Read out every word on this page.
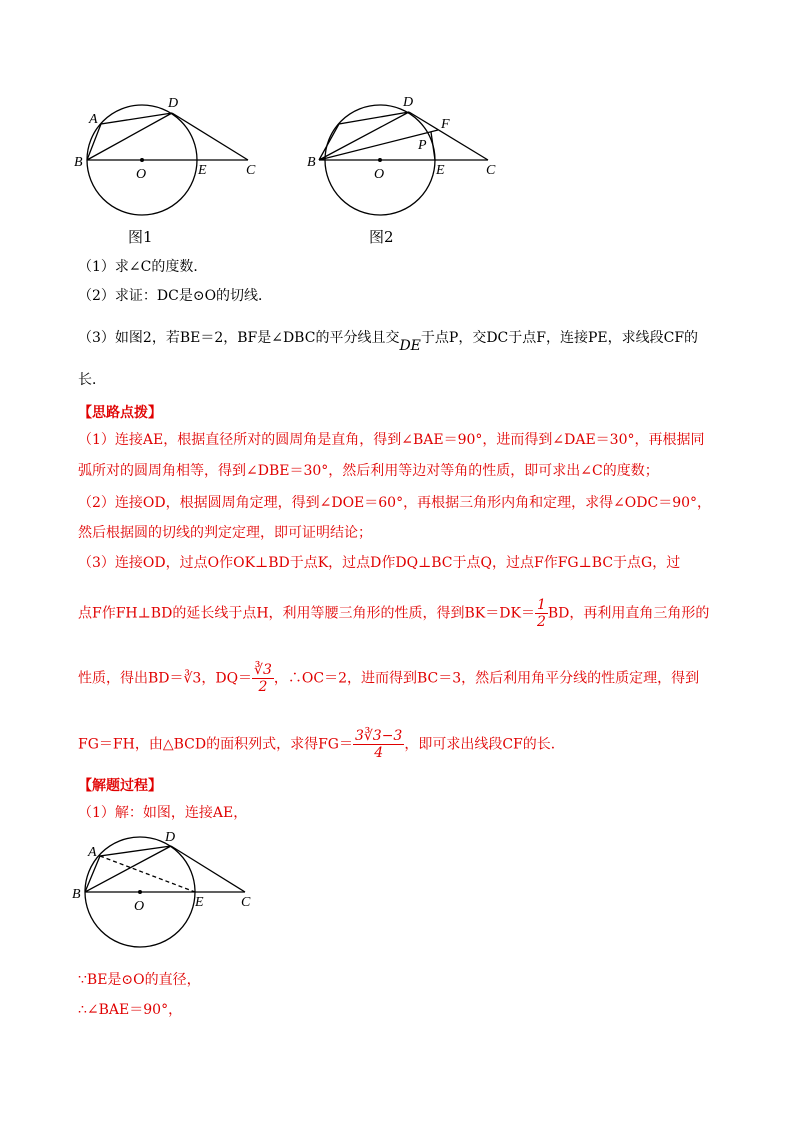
A
D
B
O	E	C
图1
D
F
P
B
O	E	C
图2
（1）求∠C的度数．
（2）求证：DC是⊙O的切线．
（3）如图2，若BE＝2，BF是∠DBC的平分线且交DE于点P，交DC于点F，连接PE，求线段CF的
长．
【思路点拨】
（1）连接AE，根据直径所对的圆周角是直角，得到∠BAE＝90°，进而得到∠DAE＝30°，再根据同
弧所对的圆周角相等，得到∠DBE＝30°，然后利用等边对等角的性质，即可求出∠C的度数；
（2）连接OD，根据圆周角定理，得到∠DOE＝60°，再根据三角形内角和定理，求得∠ODC＝90°，
然后根据圆的切线的判定定理，即可证明结论；
（3）连接OD，过点O作OK⊥BD于点K，过点D作DQ⊥BC于点Q，过点F作FG⊥BC于点G，过
点F作FH⊥BD的延长线于点H，利用等腰三角形的性质，得到$BK=DK= \frac{1}{2}$ BD，再利用直角三角形的
性质，得出BD＝∛3，$DQ= \frac{∛3}{2}$ ，∴OC＝2，进而得到BC＝3，然后利用角平分线的性质定理，得到
FG＝FH，由△BCD的面积列式，求得$FG= \frac{3∛3-3}{4}$ ，即可求出线段CF的长．
【解题过程】
（1）解：如图，连接AE，
A
D
B
O	E	C
∵BE是⊙O的直径，
∴∠BAE＝90°，
